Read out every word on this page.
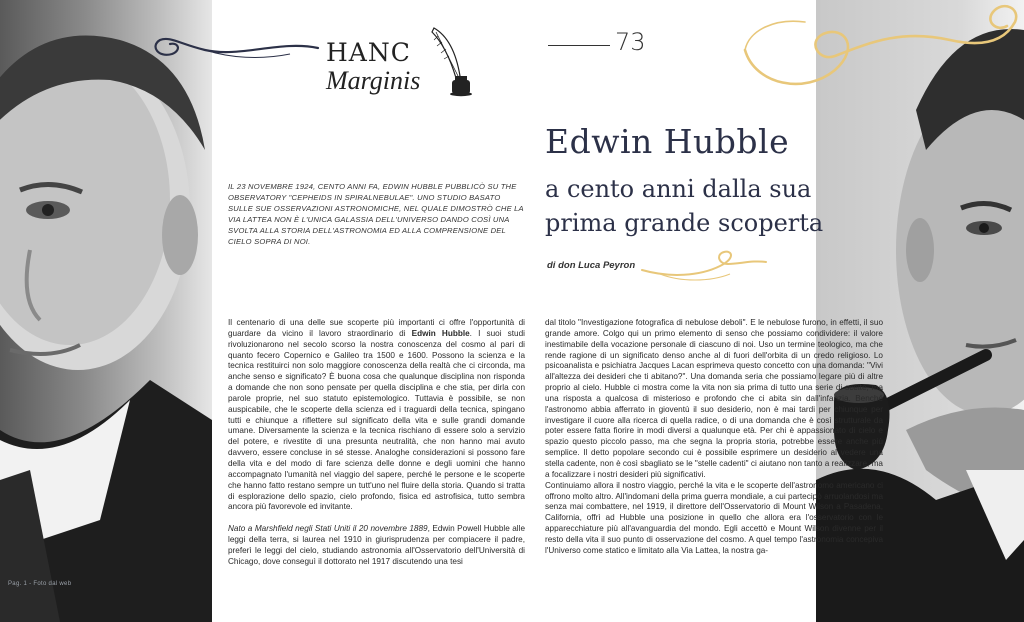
Pag. 1 - Foto dal web
HANC
Marginis
73
Edwin Hubble
a cento anni dalla sua prima grande scoperta
di don Luca Peyron
IL 23 NOVEMBRE 1924, CENTO ANNI FA, EDWIN HUBBLE PUBBLICÒ SU THE OBSERVATORY "CEPHEIDS IN SPIRALNEBULAE". UNO STUDIO BASATO SULLE SUE OSSERVAZIONI ASTRONOMICHE, NEL QUALE DIMOSTRÒ CHE LA VIA LATTEA NON È L'UNICA GALASSIA DELL'UNIVERSO DANDO COSÌ UNA SVOLTA ALLA STORIA DELL'ASTRONOMIA ED ALLA COMPRENSIONE DEL CIELO SOPRA DI NOI.

Il centenario di una delle sue scoperte più importanti ci offre l'opportunità di guardare da vicino il lavoro straordinario di Edwin Hubble. I suoi studi rivoluzionarono nel secolo scorso la nostra conoscenza del cosmo al pari di quanto fecero Copernico e Galileo tra 1500 e 1600. Possono la scienza e la tecnica restituirci non solo maggiore conoscenza della realtà che ci circonda, ma anche senso e significato? È buona cosa che qualunque disciplina non risponda a domande che non sono pensate per quella disciplina e che stia, per dirla con parole proprie, nel suo statuto epistemologico. Tuttavia è possibile, se non auspicabile, che le scoperte della scienza ed i traguardi della tecnica, spingano tutti e chiunque a riflettere sul significato della vita e sulle grandi domande umane. Diversamente la scienza e la tecnica rischiano di essere solo a servizio del potere, e rivestite di una presunta neutralità, che non hanno mai avuto davvero, essere concluse in sé stesse. Analoghe considerazioni si possono fare della vita e del modo di fare scienza delle donne e degli uomini che hanno accompagnato l'umanità nel viaggio del sapere, perché le persone e le scoperte che hanno fatto restano sempre un tutt'uno nel fluire della storia. Quando si tratta di esplorazione dello spazio, cielo profondo, fisica ed astrofisica, tutto sembra ancora più favorevole ed invitante.

Nato a Marshfield negli Stati Uniti il 20 novembre 1889, Edwin Powell Hubble alle leggi della terra, si laurea nel 1910 in giurisprudenza per compiacere il padre, preferì le leggi del cielo, studiando astronomia all'Osservatorio dell'Università di Chicago, dove conseguì il dottorato nel 1917 discutendo una tesi

dal titolo "Investigazione fotografica di nebulose deboli". E le nebulose furono, in effetti, il suo grande amore. Colgo qui un primo elemento di senso che possiamo condividere: il valore inestimabile della vocazione personale di ciascuno di noi. Uso un termine teologico, ma che rende ragione di un significato denso anche al di fuori dell'orbita di un credo religioso. Lo psicoanalista e psichiatra Jacques Lacan esprimeva questo concetto con una domanda: "Vivi all'altezza dei desideri che ti abitano?". Una domanda seria che possiamo legare più di altre proprio al cielo. Hubble ci mostra come la vita non sia prima di tutto una serie di scelte, ma una risposta a qualcosa di misterioso e profondo che ci abita sin dall'infanzia. Benché l'astronomo abbia afferrato in gioventù il suo desiderio, non è mai tardi per chiunque per investigare il cuore alla ricerca di quella radice, o di una domanda che è così strutturale da poter essere fatta fiorire in modi diversi a qualunque età. Per chi è appassionato di cielo e spazio questo piccolo passo, ma che segna la propria storia, potrebbe essere anche più semplice. Il detto popolare secondo cui è possibile esprimere un desiderio al vedere una stella cadente, non è così sbagliato se le "stelle cadenti" ci aiutano non tanto a realizzare, ma a focalizzare i nostri desideri più significativi.

Continuiamo allora il nostro viaggio, perché la vita e le scoperte dell'astronomo americano ci offrono molto altro. All'indomani della prima guerra mondiale, a cui partecipò arruolandosi ma senza mai combattere, nel 1919, il direttore dell'Osservatorio di Mount Wilson a Pasadena, California, offrì ad Hubble una posizione in quello che allora era l'osservatorio con le apparecchiature più all'avanguardia del mondo. Egli accettò e Mount Wilson divenne per il resto della vita il suo punto di osservazione del cosmo. A quel tempo l'astronomia concepiva l'Universo come statico e limitato alla Via Lattea, la nostra ga-
